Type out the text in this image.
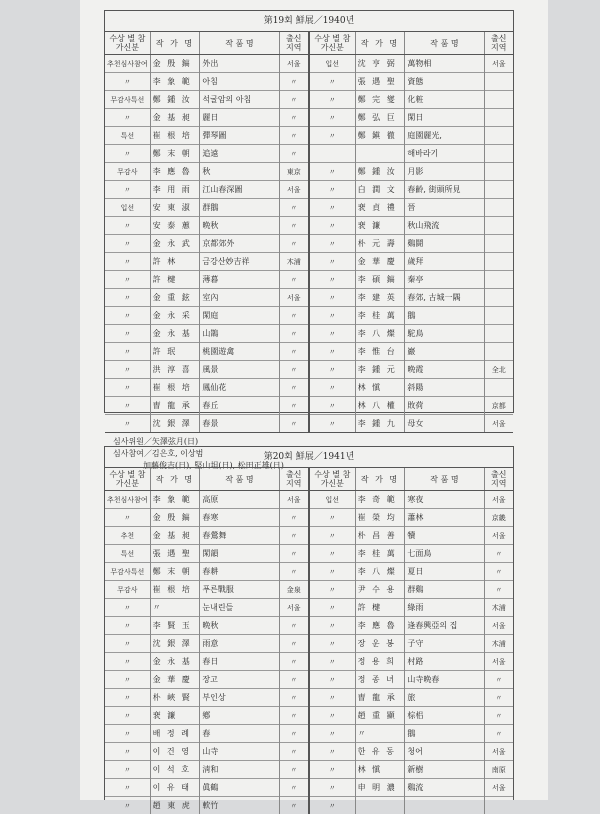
第19회 鮮展／1940년
수상 별 참가신분	작 가 명	작 품 명	출신 지역	수상 별 참가신분	작 가 명	작 품 명	출신 지역
추천심사참여	金 殷 鎬	外出	서울	입선	沈 亨 弼	萬物相	서울
〃	李 象 範	아침	〃	〃	張 遇 聖	資態	
무감사특선	鄭 鍾 汝	석굴암의 아침	〃	〃	鄭 完 燮	化粧	
〃	金 基 昶	麗日	〃	〃	鄭 弘 巨	閑日	
특선	崔 根 培	彈琴圖	〃	〃	鄭 鎭 徹	庭園麗光,	
〃	鄭 末 朝	追遠	〃			해바라기	
무감사	李 應 魯	秋	東京	〃	鄭 鍾 汝	月影	
〃	李 用 雨	江山春深圖	서울	〃	白 潤 文	春齡, 街頭所見	
입선	安 東 淑	群鵝	〃	〃	裵 貞 禮	晉	
〃	安 泰 蕙	晩秋	〃	〃	裵 濂	秋山飛流	
〃	金 永 武	京都郊外	〃	〃	朴 元 壽	鷄鬪	
〃	許 林	금강산妙吉祥	木浦	〃	金 華 慶	歲拜	
〃	許 楗	薄暮	〃	〃	李 碩 鎬	秦亭	
〃	金 重 鉉	室內	서울	〃	李 建 英	春郊, 古城一隅	
〃	金 永 采	閑庭	〃	〃	李 桂 萬	鵝	
〃	金 永 基	山鵲	〃	〃	李 八 燦	駝鳥	
〃	許 珉	桃園遊禽	〃	〃	李 惟 台	巖	
〃	洪 淳 喜	風景	〃	〃	李 鍾 元	晩霞	全北
〃	崔 根 培	鳳仙花	〃	〃	林 愼	斜陽	
〃	曺 龍 承	春丘	〃	〃	林 八 權	敗荷	京都
〃	沈 銀 澤	春景	〃	〃	李 鍾 九	母女	서울
심사위원／矢澤弦月(日)
심사참여／김은호, 이상범
加藤俊吉(日), 堅山坦(日), 松田正雄(日)
第20회 鮮展／1941년
수상 별 참가신분	작 가 명	작 품 명	출신 지역	수상 별 참가신분	작 가 명	작 품 명	출신 지역
추천심사참여	李 象 範	高原	서울	입선	李 奇 範	寒夜	서울
〃	金 殷 鎬	春寒	〃	〃	崔 榮 均	蕭林	京畿
추천	金 基 昶	春鶯舞	〃	〃	朴 昌 善	犢	서울
특선	張 遇 聖	閑韻	〃	〃	李 桂 萬	七面鳥	〃
무감사특선	鄭 末 朝	春耕	〃	〃	李 八 燦	夏日	〃
무감사	崔 根 培	푸른戰服	金泉	〃	尹 수 용	群鷄	〃
〃	〃	눈내린들	서울	〃	許 楗	綠雨	木浦
〃	李 賢 玉	晩秋	〃	〃	李 應 魯	逢春興亞의 집	서울
〃	沈 銀 澤	雨意	〃	〃	장 운 봉	子守	木浦
〃	金 永 基	春日	〃	〃	정 용 희	村路	서울
〃	金 華 慶	장고	〃	〃	정 종 녀	山寺晩春	〃
〃	朴 峽 賢	부인상	〃	〃	曺 龍 承	旅	〃
〃	裵 濂	鄕	〃	〃	趙 重 顯	棕梠	〃
〃	배 정 례	春	〃	〃	〃	鵝	〃
〃	이 건 영	山寺	〃	〃	한 유 동	청어	서울
〃	이 석 호	淸和	〃	〃	林 愼	新樹	南原
〃	이 유 태	眞鶴	〃	〃	申 明 濃	鷄流	서울
〃	趙 東 虎	軟竹	〃	〃			
